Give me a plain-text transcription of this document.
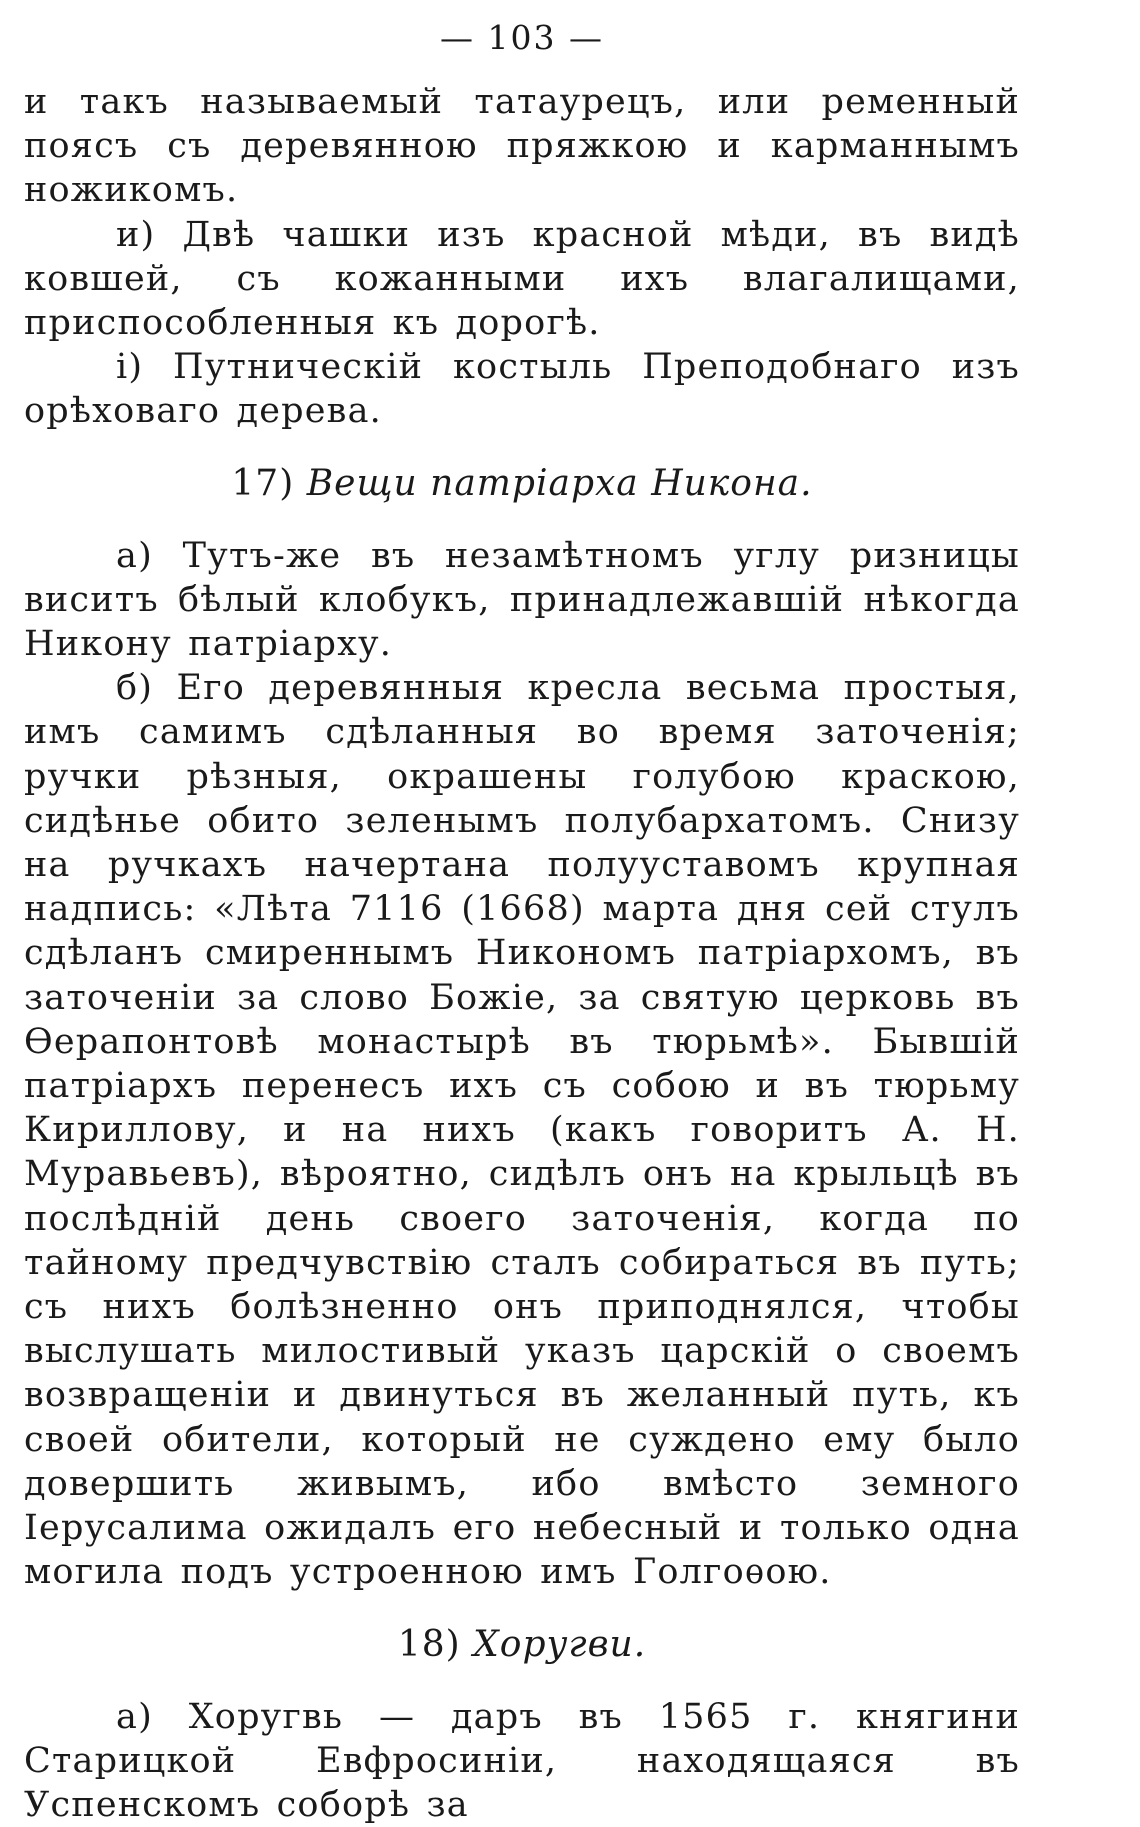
— 103 —

и такъ называемый татаурецъ, или ременный поясъ съ деревянною пряжкою и карманнымъ ножикомъ.

и) Двѣ чашки изъ красной мѣди, въ видѣ ковшей, съ кожанными ихъ влагалищами, приспособленныя къ дорогѣ.

і) Путническій костыль Преподобнаго изъ орѣховаго дерева.

17) Вещи патріарха Никона.

а) Тутъ-же въ незамѣтномъ углу ризницы виситъ бѣлый клобукъ, принадлежавшій нѣкогда Никону патріарху.

б) Его деревянныя кресла весьма простыя, имъ самимъ сдѣланныя во время заточенія; ручки рѣзныя, окрашены голубою краскою, сидѣнье обито зеленымъ полубархатомъ. Снизу на ручкахъ начертана полууставомъ крупная надпись: «Лѣта 7116 (1668) марта дня сей стулъ сдѣланъ смиреннымъ Никономъ патріархомъ, въ заточеніи за слово Божіе, за святую церковь въ Ѳерапонтовѣ монастырѣ въ тюрьмѣ». Бывшій патріархъ перенесъ ихъ съ собою и въ тюрьму Кириллову, и на нихъ (какъ говоритъ А. Н. Муравьевъ), вѣроятно, сидѣлъ онъ на крыльцѣ въ послѣдній день своего заточенія, когда по тайному предчувствію сталъ собираться въ путь; съ нихъ болѣзненно онъ приподнялся, чтобы выслушать милостивый указъ царскій о своемъ возвращеніи и двинуться въ желанный путь, къ своей обители, который не суждено ему было довершить живымъ, ибо вмѣсто земного Іерусалима ожидалъ его небесный и только одна могила подъ устроенною имъ Голгоѳою.

18) Хоругви.

а) Хоругвь — даръ въ 1565 г. княгини Старицкой Евфросиніи, находящаяся въ Успенскомъ соборѣ за
